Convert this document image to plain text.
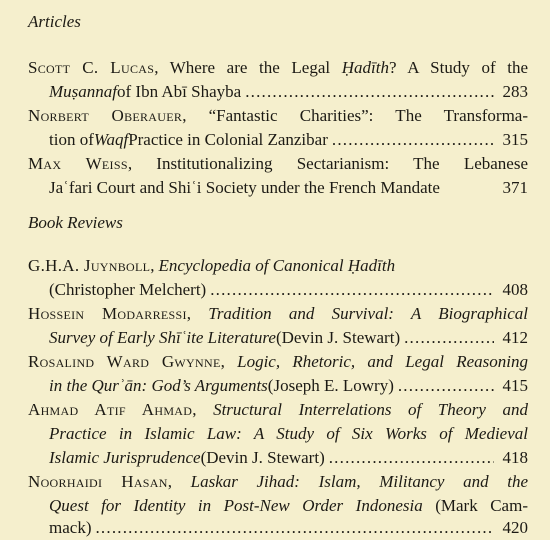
Articles
Scott C. Lucas, Where are the Legal Ḥadīth? A Study of the
Muṣannaf of Ibn Abī Shayba .....	283
Norbert Oberauer, “Fantastic Charities”: The Transforma-
tion of Waqf Practice in Colonial Zanzibar .....	315
Max Weiss, Institutionalizing Sectarianism: The Lebanese
Jaʿfari Court and Shiʿi Society under the French Mandate	371
Book Reviews
G.H.A. Juynboll , Encyclopedia of Canonical Ḥadīth
(Christopher Melchert) .....	408
Hossein Modarressi, Tradition and Survival: A Biographical
Survey of Early Shīʿite Literature (Devin J. Stewart) .....	412
Rosalind Ward Gwynne, Logic, Rhetoric, and Legal Reasoning
in the Qurʾān: God’s Arguments (Joseph E. Lowry) .....	415
Ahmad Atif Ahmad, Structural Interrelations of Theory and
Practice in Islamic Law: A Study of Six Works of Medieval
Islamic Jurisprudence (Devin J. Stewart) .....	418
Noorhaidi Hasan, Laskar Jihad: Islam, Militancy and the
Quest for Identity in Post-New Order Indonesia (Mark Cam-
mack) .....	420
